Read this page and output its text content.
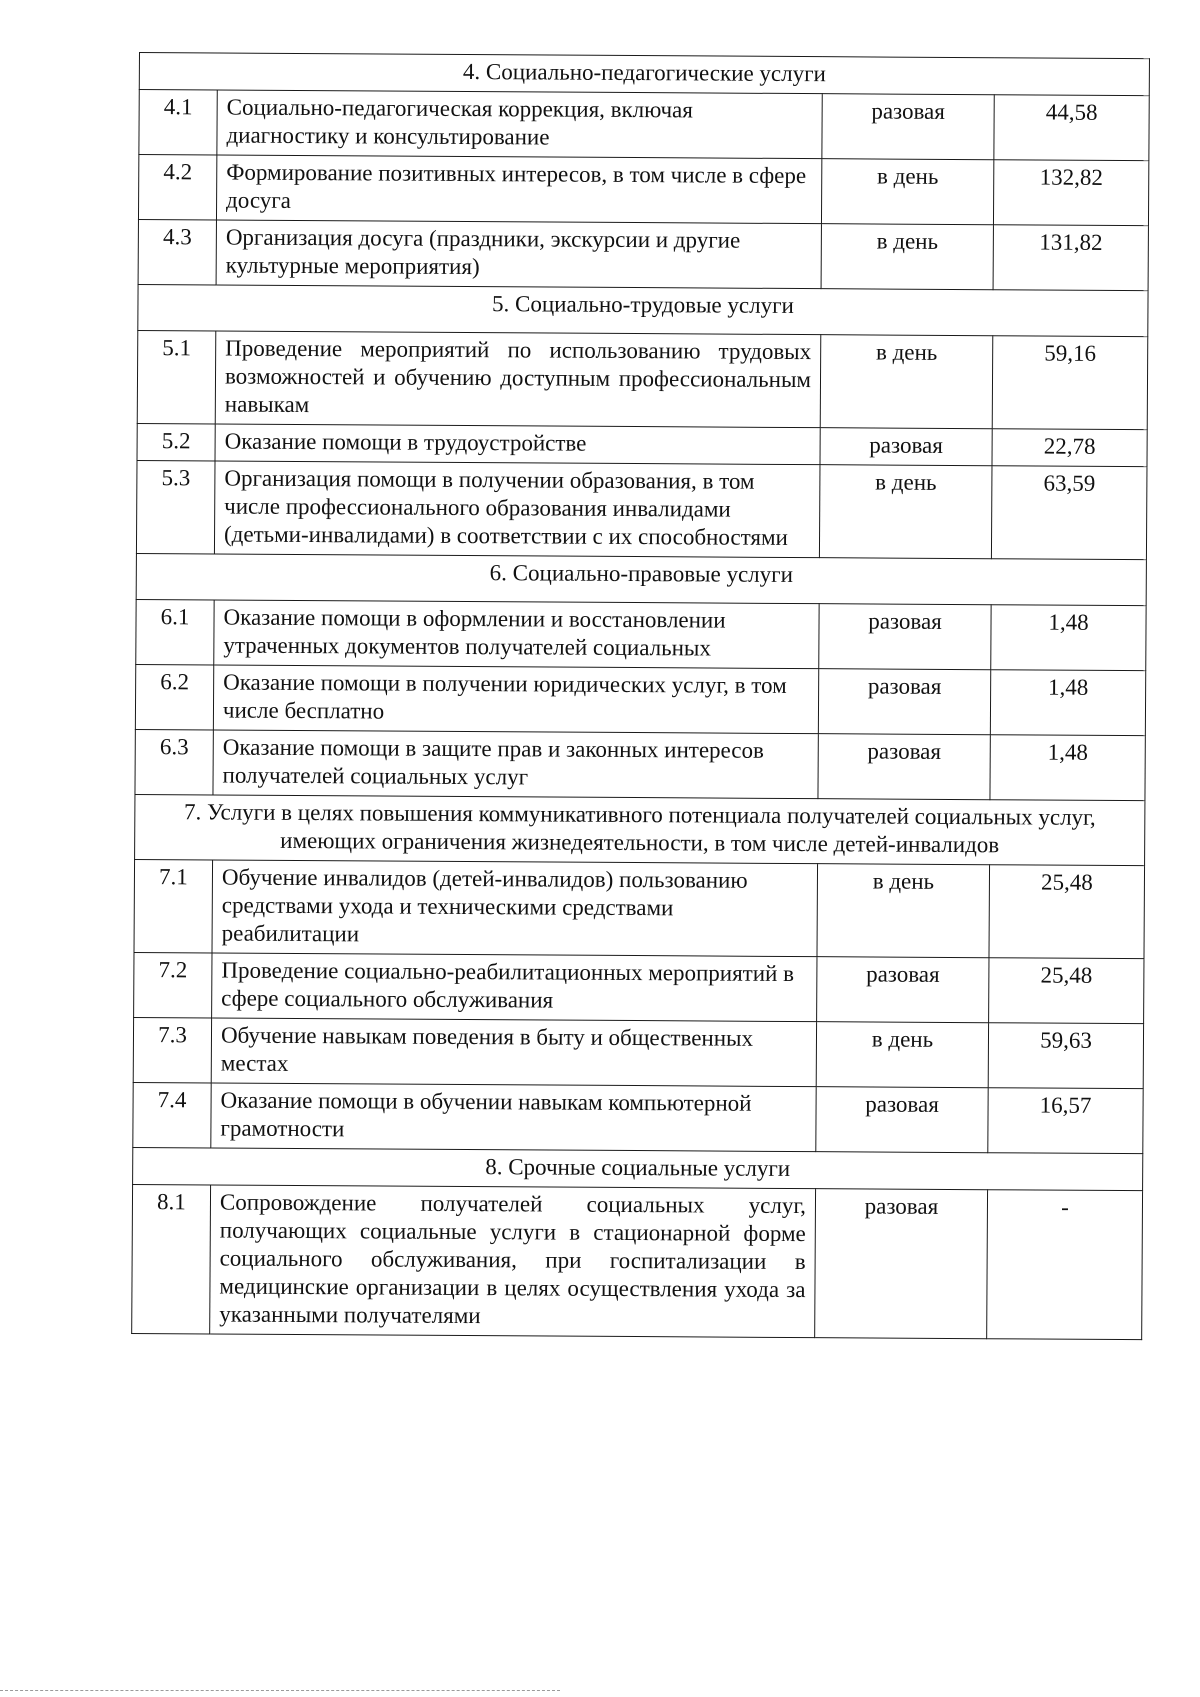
4. Социально-педагогические услуги			
4.1	Социально-педагогическая коррекция, включая диагностику и консультирование	разовая	44,58
4.2	Формирование позитивных интересов, в том числе в сфере досуга	в день	132,82
4.3	Организация досуга (праздники, экскурсии и другие культурные мероприятия)	в день	131,82
5. Социально-трудовые услуги			
5.1	Проведение мероприятий по использованию трудовых возможностей и обучению доступным профессиональным навыкам	в день	59,16
5.2	Оказание помощи в трудоустройстве	разовая	22,78
5.3	Организация помощи в получении образования, в том числе профессионального образования инвалидами (детьми-инвалидами) в соответствии с их способностями	в день	63,59
6. Социально-правовые услуги			
6.1	Оказание помощи в оформлении и восстановлении утраченных документов получателей социальных	разовая	1,48
6.2	Оказание помощи в получении юридических услуг, в том числе бесплатно	разовая	1,48
6.3	Оказание помощи в защите прав и законных интересов получателей социальных услуг	разовая	1,48
7. Услуги в целях повышения коммуникативного потенциала получателей социальных услуг, имеющих ограничения жизнедеятельности, в том числе детей-инвалидов			
7.1	Обучение инвалидов (детей-инвалидов) пользованию средствами ухода и техническими средствами реабилитации	в день	25,48
7.2	Проведение социально-реабилитационных мероприятий в сфере социального обслуживания	разовая	25,48
7.3	Обучение навыкам поведения в быту и общественных местах	в день	59,63
7.4	Оказание помощи в обучении навыкам компьютерной грамотности	разовая	16,57
8. Срочные социальные услуги			
8.1	Сопровождение получателей социальных услуг, получающих социальные услуги в стационарной форме социального обслуживания, при госпитализации в медицинские организации в целях осуществления ухода за указанными получателями	разовая	-
